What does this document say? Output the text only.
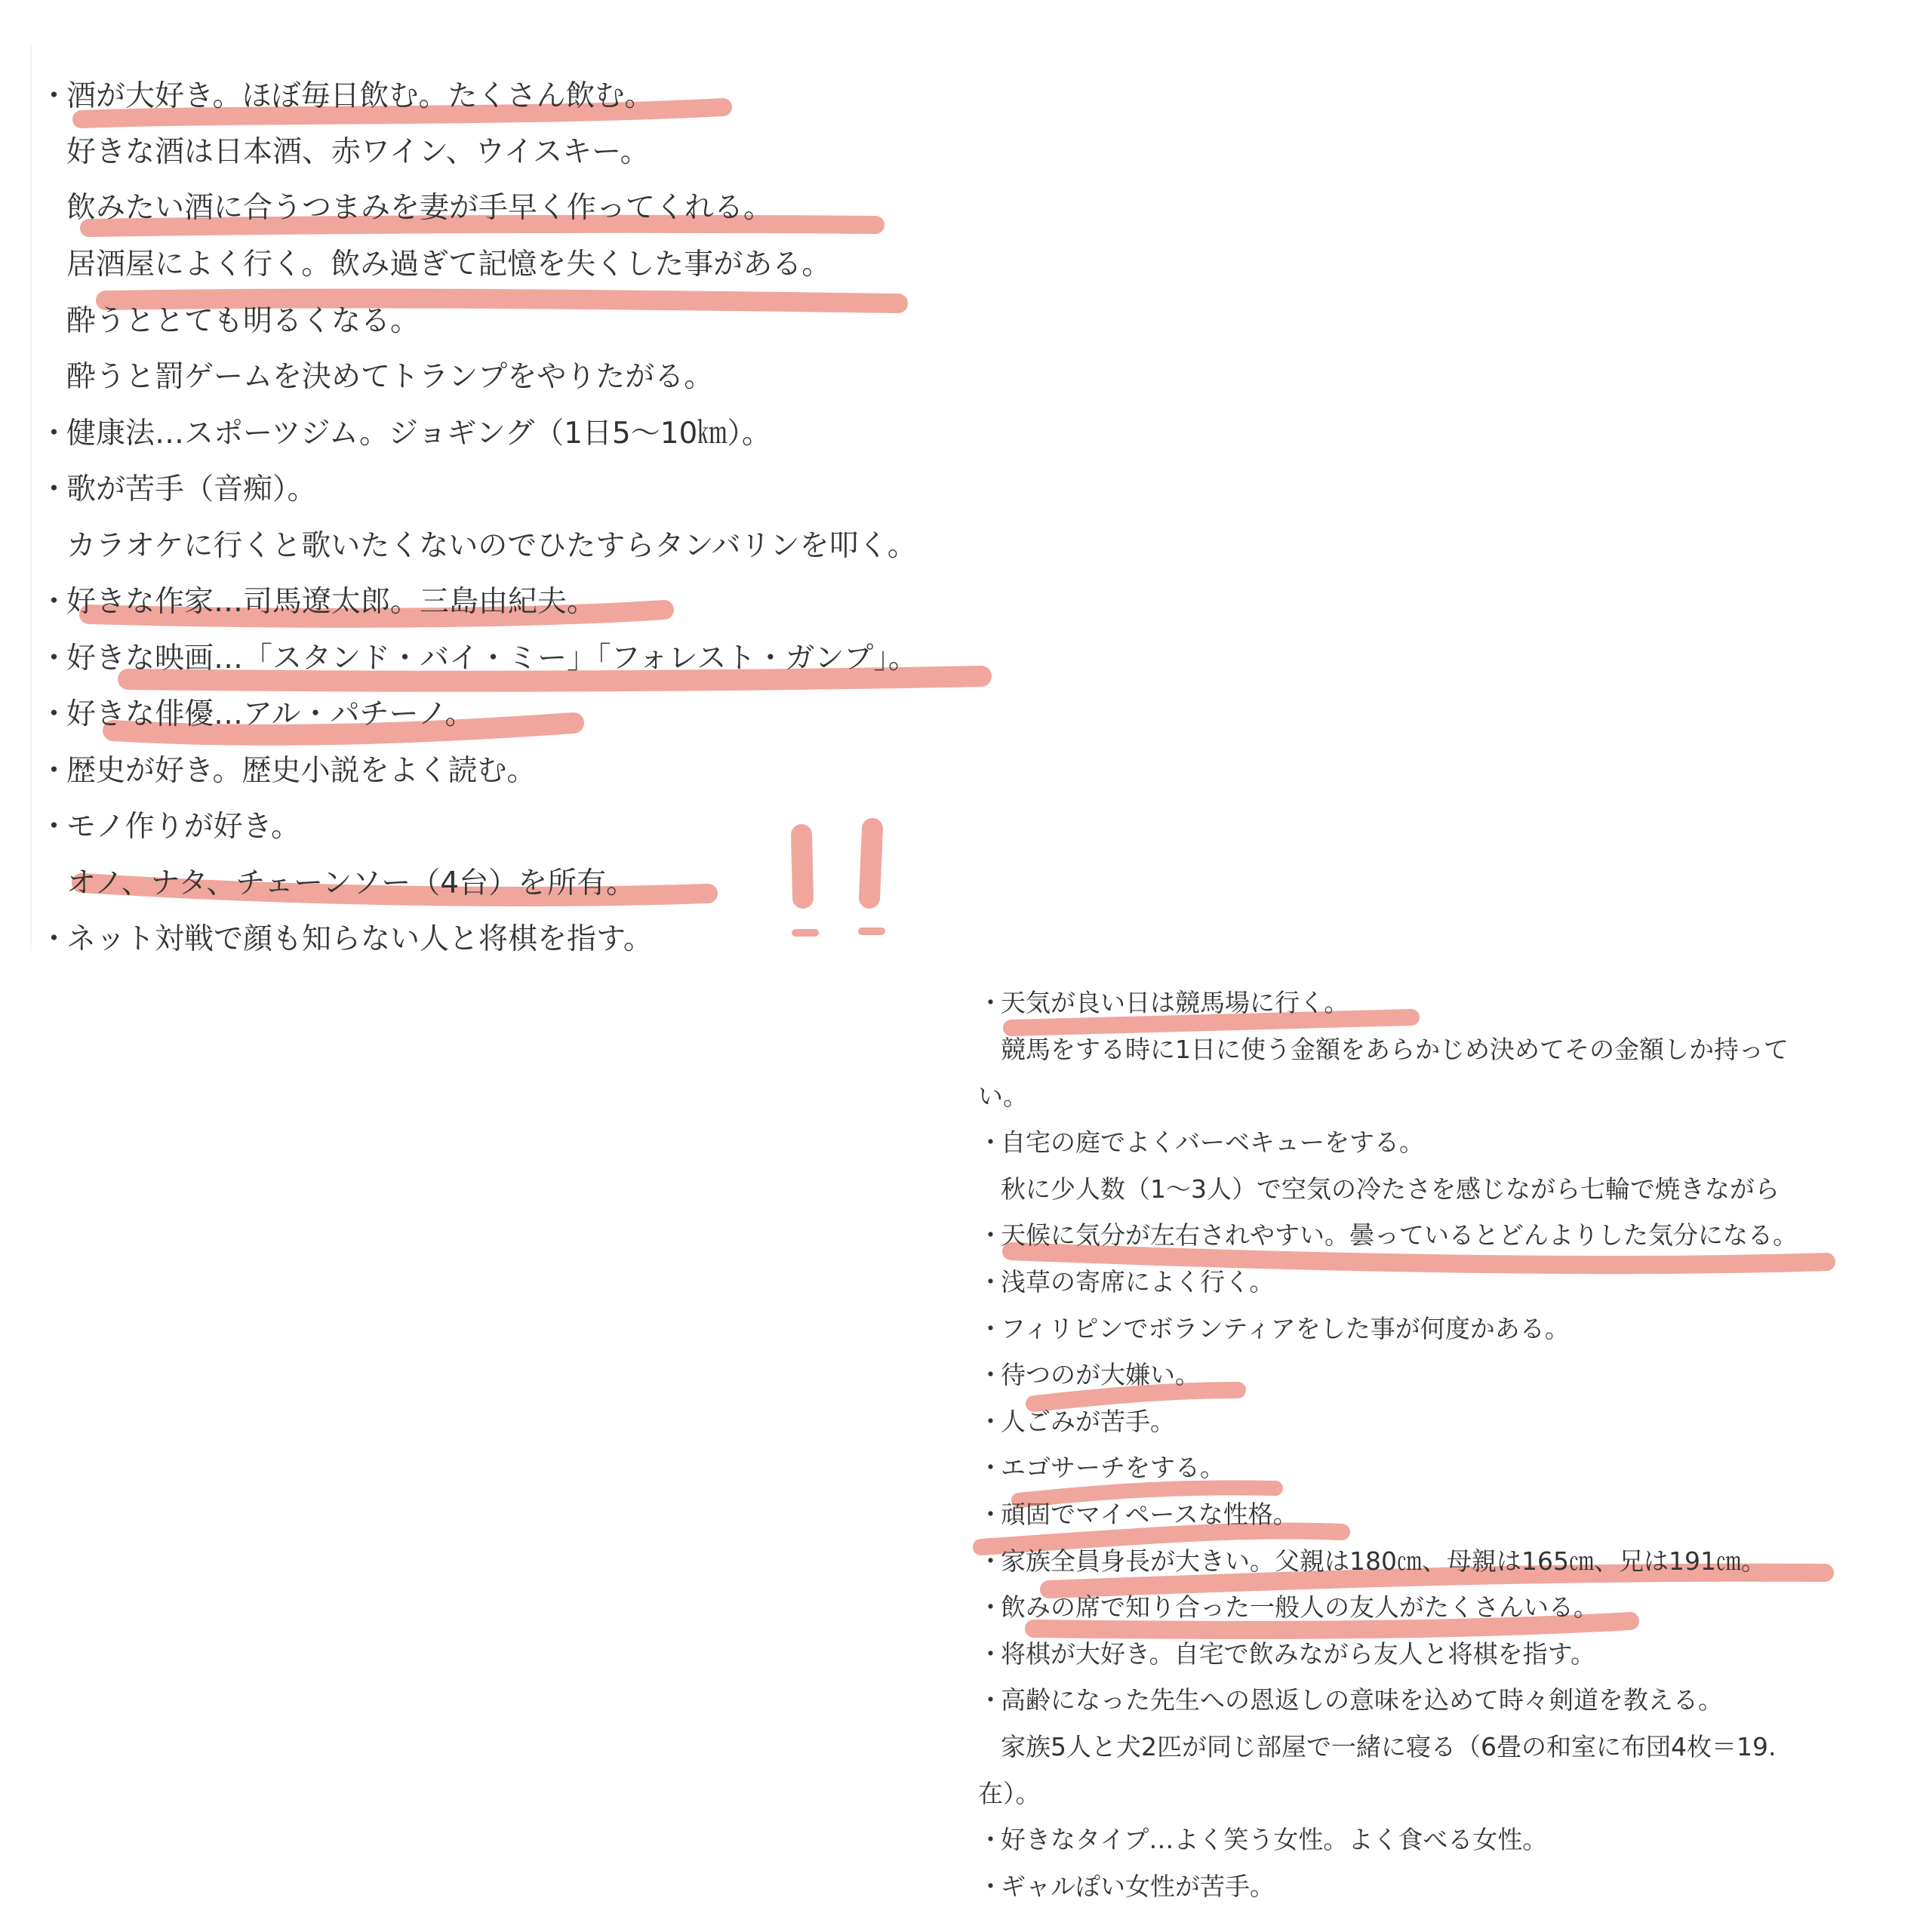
・ 酒が大好き。ほぼ毎日飲む。たくさん飲む。
好きな酒は日本酒、赤ワイン、ウイスキー。
飲みたい酒に合うつまみを妻が手早く作ってくれる。
居酒屋によく行く。飲み過ぎて記憶を失くした事がある。
酔うととても明るくなる。
酔うと罰ゲームを決めてトランプをやりたがる。
・ 健康法…スポーツジム。ジョギング（1日5〜10㎞）。
・ 歌が苦手（音痴）。
カラオケに行くと歌いたくないのでひたすらタンバリンを叩く。
・ 好きな作家…司馬遼太郎。三島由紀夫。
・ 好きな映画…「スタンド・バイ・ミー」「フォレスト・ガンプ」。
・ 好きな俳優…アル・パチーノ。
・ 歴史が好き。歴史小説をよく読む。
・ モノ作りが好き。
オノ、ナタ、チェーンソー（4台）を所有。
・ ネット対戦で顔も知らない人と将棋を指す。
・ 天気が良い日は競馬場に行く。
競馬をする時に1日に使う金額をあらかじめ決めてその金額しか持って
い。
・ 自宅の庭でよくバーベキューをする。
秋に少人数（1〜3人）で空気の冷たさを感じながら七輪で焼きながら
・ 天候に気分が左右されやすい。曇っているとどんよりした気分になる。
・ 浅草の寄席によく行く。
・ フィリピンでボランティアをした事が何度かある。
・ 待つのが大嫌い。
・ 人ごみが苦手。
・ エゴサーチをする。
・ 頑固でマイペースな性格。
・ 家族全員身長が大きい。父親は180㎝、母親は165㎝、兄は191㎝。
・ 飲みの席で知り合った一般人の友人がたくさんいる。
・ 将棋が大好き。自宅で飲みながら友人と将棋を指す。
・ 高齢になった先生への恩返しの意味を込めて時々剣道を教える。
・ 家族5人と犬2匹が同じ部屋で一緒に寝る（6畳の和室に布団4枚＝19.
在）。
・ 好きなタイプ…よく笑う女性。よく食べる女性。
・ ギャルぽい女性が苦手。
